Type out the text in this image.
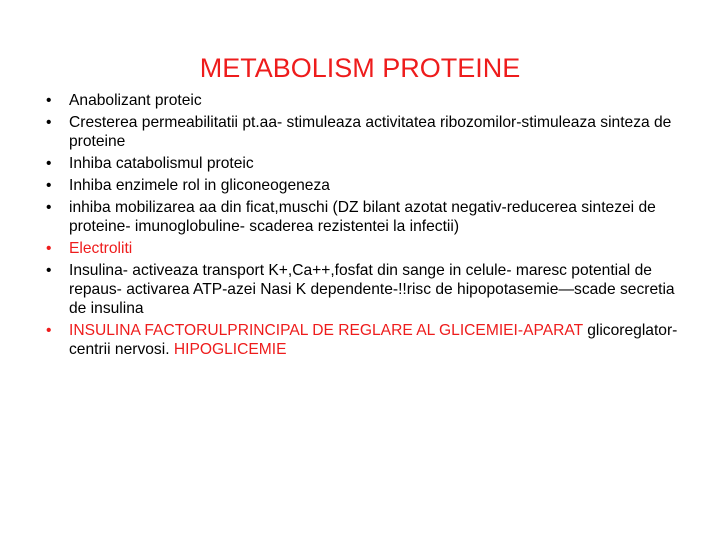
METABOLISM PROTEINE
•	Anabolizant proteic
•	Cresterea permeabilitatii pt.aa- stimuleaza activitatea ribozomilor-stimuleaza sinteza de proteine
•	Inhiba catabolismul proteic
•	Inhiba enzimele rol in gliconeogeneza
•	inhiba mobilizarea aa din ficat,muschi (DZ bilant azotat negativ-reducerea sintezei de proteine- imunoglobuline- scaderea rezistentei la infectii)
•	Electroliti
•	Insulina- activeaza transport K+,Ca++,fosfat din sange in celule- maresc potential de repaus- activarea ATP-azei Nasi K dependente-!!risc de hipopotasemie—scade secretia de insulina
•	INSULINA FACTORULPRINCIPAL DE REGLARE AL GLICEMIEI-APARAT glicoreglator-centrii nervosi. HIPOGLICEMIE
